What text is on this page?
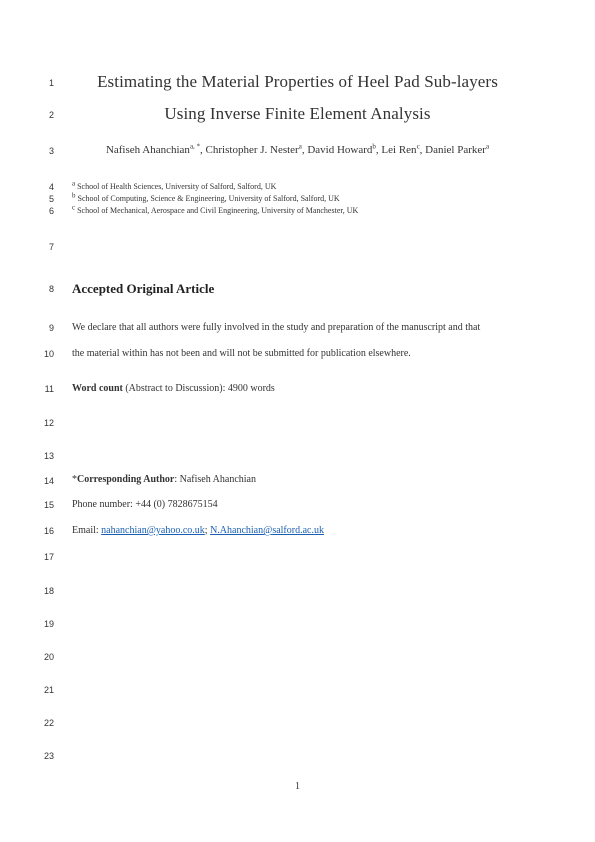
1
2
3
4
5
6
7
8
9
10
11
12
13
14
15
16
17
18
19
20
21
22
23
Estimating the Material Properties of Heel Pad Sub-layers
Using Inverse Finite Element Analysis
Nafiseh Ahanchian$^{a, *}$, Christopher J. Nester$^a$, David Howard$^b$, Lei Ren$^c$, Daniel Parker$^a$
$^a$ School of Health Sciences, University of Salford, Salford, UK
$^b$ School of Computing, Science & Engineering, University of Salford, Salford, UK
$^c$ School of Mechanical, Aerospace and Civil Engineering, University of Manchester, UK
Accepted Original Article
We declare that all authors were fully involved in the study and preparation of the manuscript and that
the material within has not been and will not be submitted for publication elsewhere.
Word count (Abstract to Discussion): 4900 words
*Corresponding Author: Nafiseh Ahanchian
Phone number: +44 (0) 7828675154
Email: nahanchian@yahoo.co.uk; N.Ahanchian@salford.ac.uk
1
